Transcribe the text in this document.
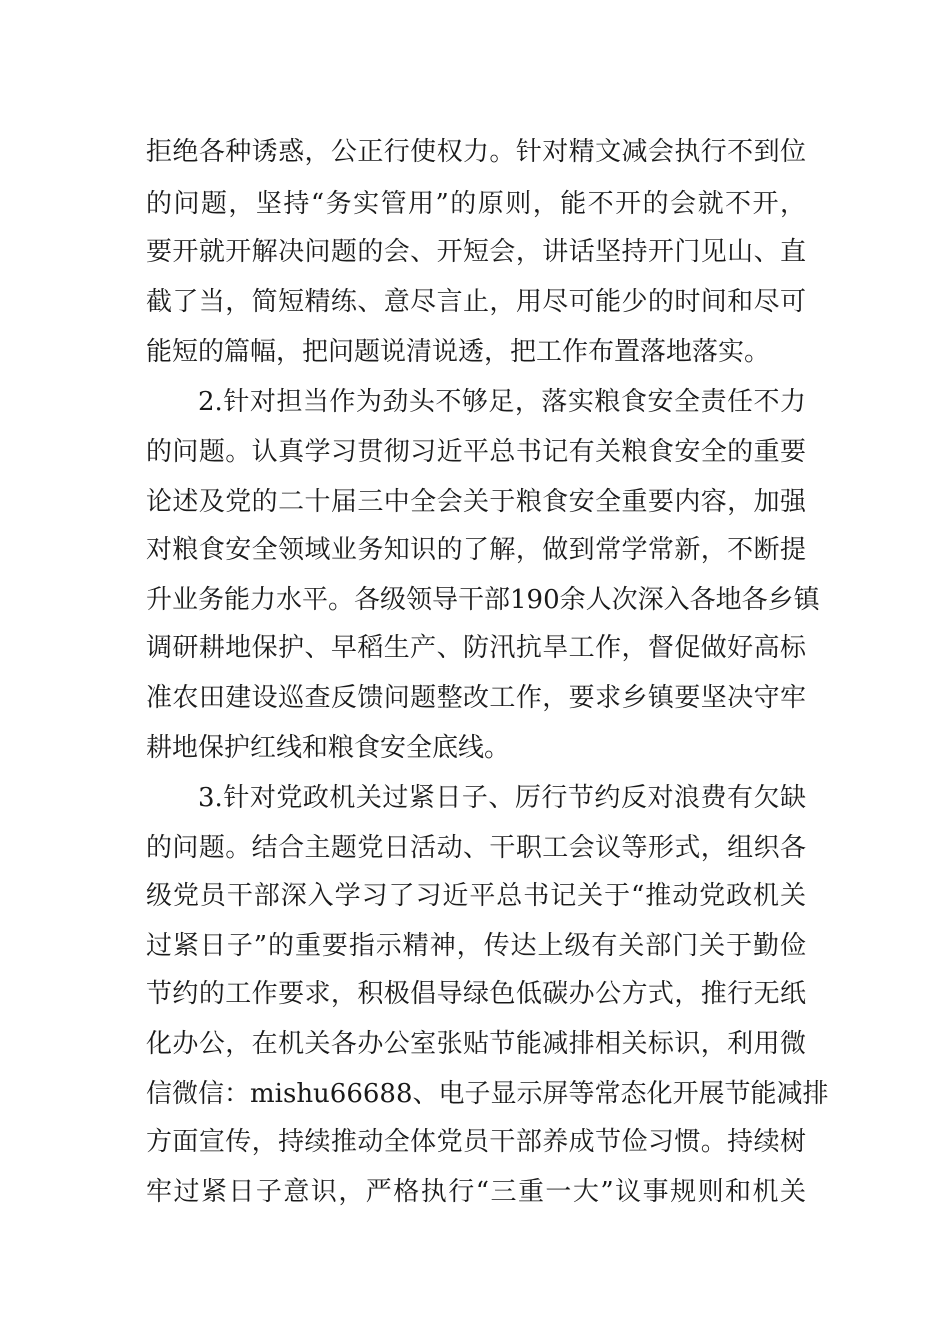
拒绝各种诱惑，公正行使权力。针对精文减会执行不到位
的问题，坚持“务实管用”的原则，能不开的会就不开，
要开就开解决问题的会、开短会，讲话坚持开门见山、直
截了当，简短精练、意尽言止，用尽可能少的时间和尽可
能短的篇幅，把问题说清说透，把工作布置落地落实。
2.针对担当作为劲头不够足，落实粮食安全责任不力
的问题。认真学习贯彻习近平总书记有关粮食安全的重要
论述及党的二十届三中全会关于粮食安全重要内容，加强
对粮食安全领域业务知识的了解，做到常学常新，不断提
升业务能力水平。各级领导干部190余人次深入各地各乡镇
调研耕地保护、早稻生产、防汛抗旱工作，督促做好高标
准农田建设巡查反馈问题整改工作，要求乡镇要坚决守牢
耕地保护红线和粮食安全底线。
3.针对党政机关过紧日子、厉行节约反对浪费有欠缺
的问题。结合主题党日活动、干职工会议等形式，组织各
级党员干部深入学习了习近平总书记关于“推动党政机关
过紧日子”的重要指示精神，传达上级有关部门关于勤俭
节约的工作要求，积极倡导绿色低碳办公方式，推行无纸
化办公，在机关各办公室张贴节能减排相关标识，利用微
信微信：mishu66688、电子显示屏等常态化开展节能减排
方面宣传，持续推动全体党员干部养成节俭习惯。持续树
牢过紧日子意识，严格执行“三重一大”议事规则和机关
